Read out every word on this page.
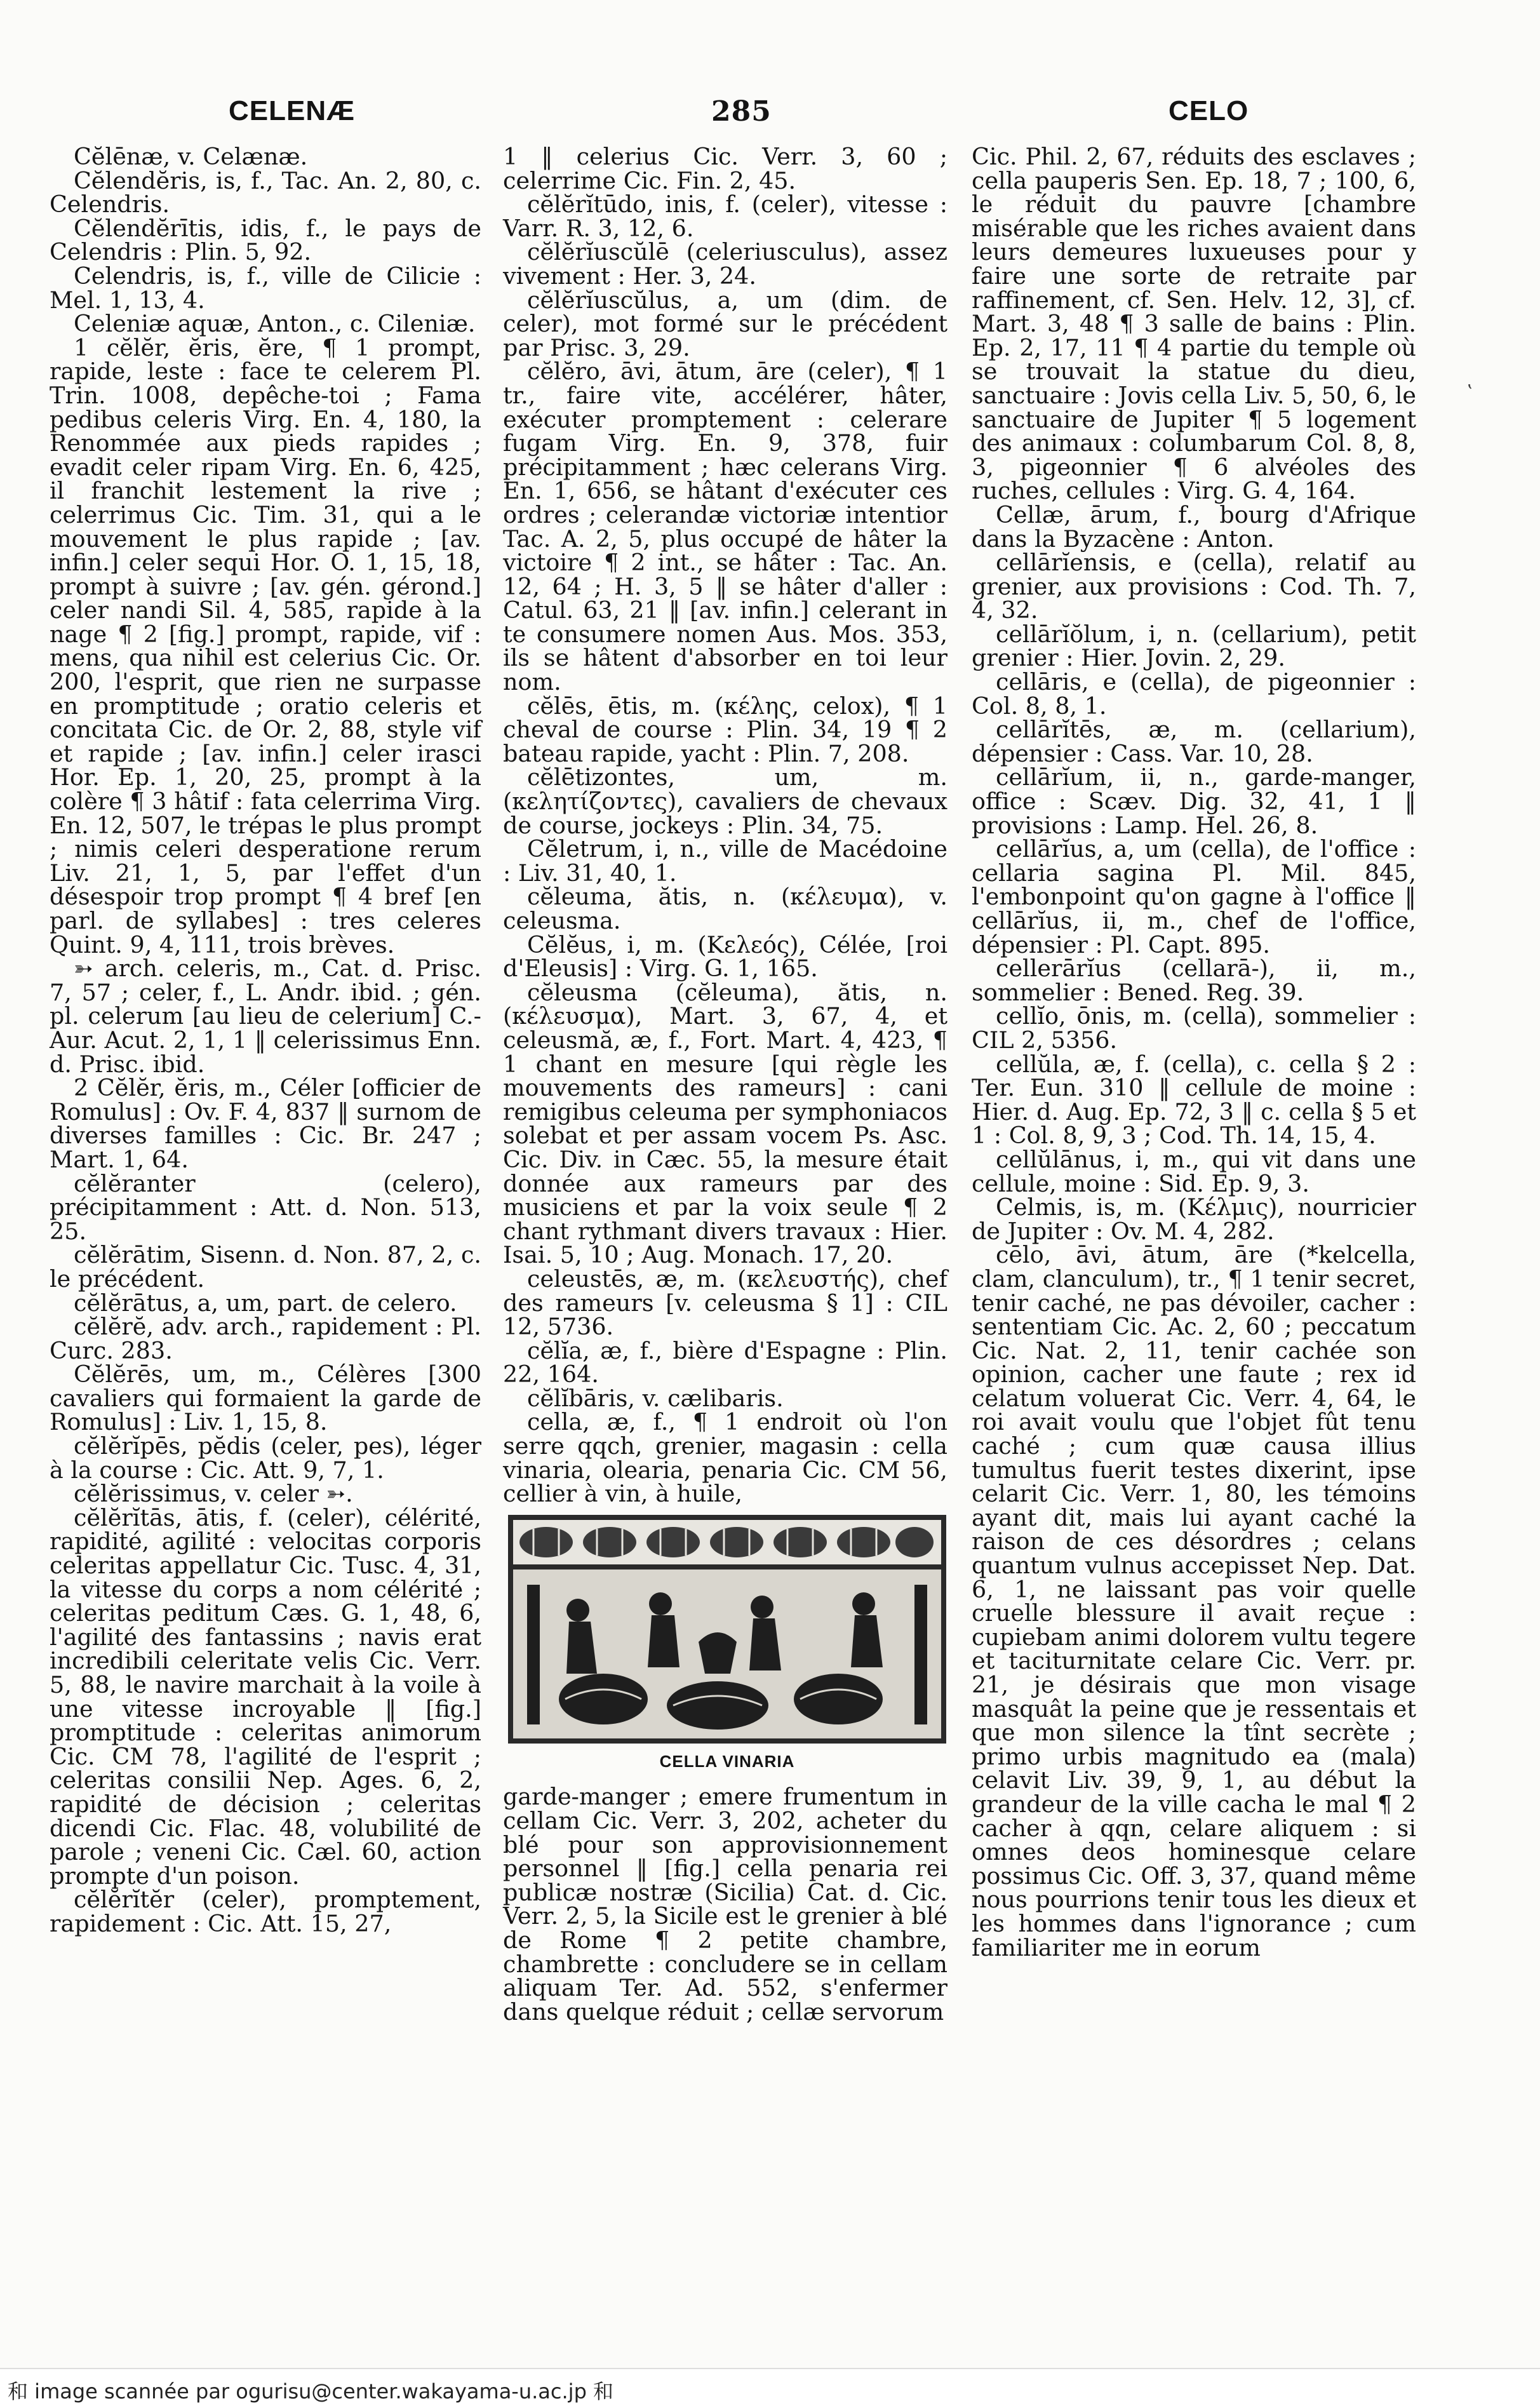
CELENÆ	285	CELO

Cĕlēnæ, v. Celænæ.

Cĕlendĕris, is, f., Tac. An. 2, 80, c. Celendris.

Cĕlendĕrītis, idis, f., le pays de Celendris : Plin. 5, 92.

Celendris, is, f., ville de Cilicie : Mel. 1, 13, 4.

Celeniæ aquæ, Anton., c. Cileniæ.

1 cĕlĕr, ĕris, ĕre, ¶ 1 prompt, rapide, leste : face te celerem Pl. Trin. 1008, depêche-toi ; Fama pedibus celeris Virg. En. 4, 180, la Renommée aux pieds rapides ; evadit celer ripam Virg. En. 6, 425, il franchit lestement la rive ; celerrimus Cic. Tim. 31, qui a le mouvement le plus rapide ; [av. infin.] celer sequi Hor. O. 1, 15, 18, prompt à suivre ; [av. gén. gérond.] celer nandi Sil. 4, 585, rapide à la nage ¶ 2 [fig.] prompt, rapide, vif : mens, qua nihil est celerius Cic. Or. 200, l'esprit, que rien ne surpasse en promptitude ; oratio celeris et concitata Cic. de Or. 2, 88, style vif et rapide ; [av. infin.] celer irasci Hor. Ep. 1, 20, 25, prompt à la colère ¶ 3 hâtif : fata celerrima Virg. En. 12, 507, le trépas le plus prompt ; nimis celeri desperatione rerum Liv. 21, 1, 5, par l'effet d'un désespoir trop prompt ¶ 4 bref [en parl. de syllabes] : tres celeres Quint. 9, 4, 111, trois brèves.

➳ arch. celeris, m., Cat. d. Prisc. 7, 57 ; celer, f., L. Andr. ibid. ; gén. pl. celerum [au lieu de celerium] C.-Aur. Acut. 2, 1, 1 ‖ celerissimus Enn. d. Prisc. ibid.

2 Cĕlĕr, ĕris, m., Céler [officier de Romulus] : Ov. F. 4, 837 ‖ surnom de diverses familles : Cic. Br. 247 ; Mart. 1, 64.

cĕlĕranter (celero), précipitamment : Att. d. Non. 513, 25.

cĕlĕrātim, Sisenn. d. Non. 87, 2, c. le précédent.

cĕlĕrātus, a, um, part. de celero.

cĕlĕrĕ, adv. arch., rapidement : Pl. Curc. 283.

Cĕlĕrēs, um, m., Célères [300 cavaliers qui formaient la garde de Romulus] : Liv. 1, 15, 8.

cĕlĕrĭpēs, pĕdis (celer, pes), léger à la course : Cic. Att. 9, 7, 1.

cĕlĕrissimus, v. celer ➳.

cĕlĕrĭtās, ātis, f. (celer), célérité, rapidité, agilité : velocitas corporis celeritas appellatur Cic. Tusc. 4, 31, la vitesse du corps a nom célérité ; celeritas peditum Cæs. G. 1, 48, 6, l'agilité des fantassins ; navis erat incredibili celeritate velis Cic. Verr. 5, 88, le navire marchait à la voile à une vitesse incroyable ‖ [fig.] promptitude : celeritas animorum Cic. CM 78, l'agilité de l'esprit ; celeritas consilii Nep. Ages. 6, 2, rapidité de décision ; celeritas dicendi Cic. Flac. 48, volubilité de parole ; veneni Cic. Cæl. 60, action prompte d'un poison.

cĕlĕrĭtĕr (celer), promptement, rapidement : Cic. Att. 15, 27,

1 ‖ celerius Cic. Verr. 3, 60 ; celerrime Cic. Fin. 2, 45.

cĕlĕrĭtūdo, inis, f. (celer), vitesse : Varr. R. 3, 12, 6.

cĕlĕrĭuscŭlē (celeriusculus), assez vivement : Her. 3, 24.

cĕlĕrĭuscŭlus, a, um (dim. de celer), mot formé sur le précédent par Prisc. 3, 29.

cĕlĕro, āvi, ātum, āre (celer), ¶ 1 tr., faire vite, accélérer, hâter, exécuter promptement : celerare fugam Virg. En. 9, 378, fuir précipitamment ; hæc celerans Virg. En. 1, 656, se hâtant d'exécuter ces ordres ; celerandæ victoriæ intentior Tac. A. 2, 5, plus occupé de hâter la victoire ¶ 2 int., se hâter : Tac. An. 12, 64 ; H. 3, 5 ‖ se hâter d'aller : Catul. 63, 21 ‖ [av. infin.] celerant in te consumere nomen Aus. Mos. 353, ils se hâtent d'absorber en toi leur nom.

cĕlēs, ētis, m. (κέλης, celox), ¶ 1 cheval de course : Plin. 34, 19 ¶ 2 bateau rapide, yacht : Plin. 7, 208.

cĕlētizontes, um, m. (κελητίζοντες), cavaliers de chevaux de course, jockeys : Plin. 34, 75.

Cĕletrum, i, n., ville de Macédoine : Liv. 31, 40, 1.

cĕleuma, ătis, n. (κέλευμα), v. celeusma.

Cĕlĕus, i, m. (Κελεός), Célée, [roi d'Eleusis] : Virg. G. 1, 165.

cĕleusma (cĕleuma), ătis, n. (κέλευσμα), Mart. 3, 67, 4, et celeusmă, æ, f., Fort. Mart. 4, 423, ¶ 1 chant en mesure [qui règle les mouvements des rameurs] : cani remigibus celeuma per symphoniacos solebat et per assam vocem Ps. Asc. Cic. Div. in Cæc. 55, la mesure était donnée aux rameurs par des musiciens et par la voix seule ¶ 2 chant rythmant divers travaux : Hier. Isai. 5, 10 ; Aug. Monach. 17, 20.

celeustēs, æ, m. (κελευστής), chef des rameurs [v. celeusma § 1] : CIL 12, 5736.

cĕlĭa, æ, f., bière d'Espagne : Plin. 22, 164.

cĕlĭbāris, v. cælibaris.

cella, æ, f., ¶ 1 endroit où l'on serre qqch, grenier, magasin : cella vinaria, olearia, penaria Cic. CM 56, cellier à vin, à huile,

CELLA VINARIA

garde-manger ; emere frumentum in cellam Cic. Verr. 3, 202, acheter du blé pour son approvisionnement personnel ‖ [fig.] cella penaria rei publicæ nostræ (Sicilia) Cat. d. Cic. Verr. 2, 5, la Sicile est le grenier à blé de Rome ¶ 2 petite chambre, chambrette : concludere se in cellam aliquam Ter. Ad. 552, s'enfermer dans quelque réduit ; cellæ servorum

Cic. Phil. 2, 67, réduits des esclaves ; cella pauperis Sen. Ep. 18, 7 ; 100, 6, le réduit du pauvre [chambre misérable que les riches avaient dans leurs demeures luxueuses pour y faire une sorte de retraite par raffinement, cf. Sen. Helv. 12, 3], cf. Mart. 3, 48 ¶ 3 salle de bains : Plin. Ep. 2, 17, 11 ¶ 4 partie du temple où se trouvait la statue du dieu, sanctuaire : Jovis cella Liv. 5, 50, 6, le sanctuaire de Jupiter ¶ 5 logement des animaux : columbarum Col. 8, 8, 3, pigeonnier ¶ 6 alvéoles des ruches, cellules : Virg. G. 4, 164.

Cellæ, ārum, f., bourg d'Afrique dans la Byzacène : Anton.

cellārĭensis, e (cella), relatif au grenier, aux provisions : Cod. Th. 7, 4, 32.

cellārĭŏlum, i, n. (cellarium), petit grenier : Hier. Jovin. 2, 29.

cellāris, e (cella), de pigeonnier : Col. 8, 8, 1.

cellārĭtēs, æ, m. (cellarium), dépensier : Cass. Var. 10, 28.

cellārĭum, ii, n., garde-manger, office : Scæv. Dig. 32, 41, 1 ‖ provisions : Lamp. Hel. 26, 8.

cellārĭus, a, um (cella), de l'office : cellaria sagina Pl. Mil. 845, l'embonpoint qu'on gagne à l'office ‖ cellārĭus, ii, m., chef de l'office, dépensier : Pl. Capt. 895.

cellerārĭus (cellarā-), ii, m., sommelier : Bened. Reg. 39.

cellĭo, ōnis, m. (cella), sommelier : CIL 2, 5356.

cellŭla, æ, f. (cella), c. cella § 2 : Ter. Eun. 310 ‖ cellule de moine : Hier. d. Aug. Ep. 72, 3 ‖ c. cella § 5 et 1 : Col. 8, 9, 3 ; Cod. Th. 14, 15, 4.

cellŭlānus, i, m., qui vit dans une cellule, moine : Sid. Ep. 9, 3.

Celmis, is, m. (Κέλμις), nourricier de Jupiter : Ov. M. 4, 282.

cēlo, āvi, ātum, āre (*kelcella, clam, clanculum), tr., ¶ 1 tenir secret, tenir caché, ne pas dévoiler, cacher : sententiam Cic. Ac. 2, 60 ; peccatum Cic. Nat. 2, 11, tenir cachée son opinion, cacher une faute ; rex id celatum voluerat Cic. Verr. 4, 64, le roi avait voulu que l'objet fût tenu caché ; cum quæ causa illius tumultus fuerit testes dixerint, ipse celarit Cic. Verr. 1, 80, les témoins ayant dit, mais lui ayant caché la raison de ces désordres ; celans quantum vulnus accepisset Nep. Dat. 6, 1, ne laissant pas voir quelle cruelle blessure il avait reçue : cupiebam animi dolorem vultu tegere et taciturnitate celare Cic. Verr. pr. 21, je désirais que mon visage masquât la peine que je ressentais et que mon silence la tînt secrète ; primo urbis magnitudo ea (mala) celavit Liv. 39, 9, 1, au début la grandeur de la ville cacha le mal ¶ 2 cacher à qqn, celare aliquem : si omnes deos hominesque celare possimus Cic. Off. 3, 37, quand même nous pourrions tenir tous les dieux et les hommes dans l'ignorance ; cum familiariter me in eorum

‛
和 image scannée par ogurisu@center.wakayama-u.ac.jp 和
